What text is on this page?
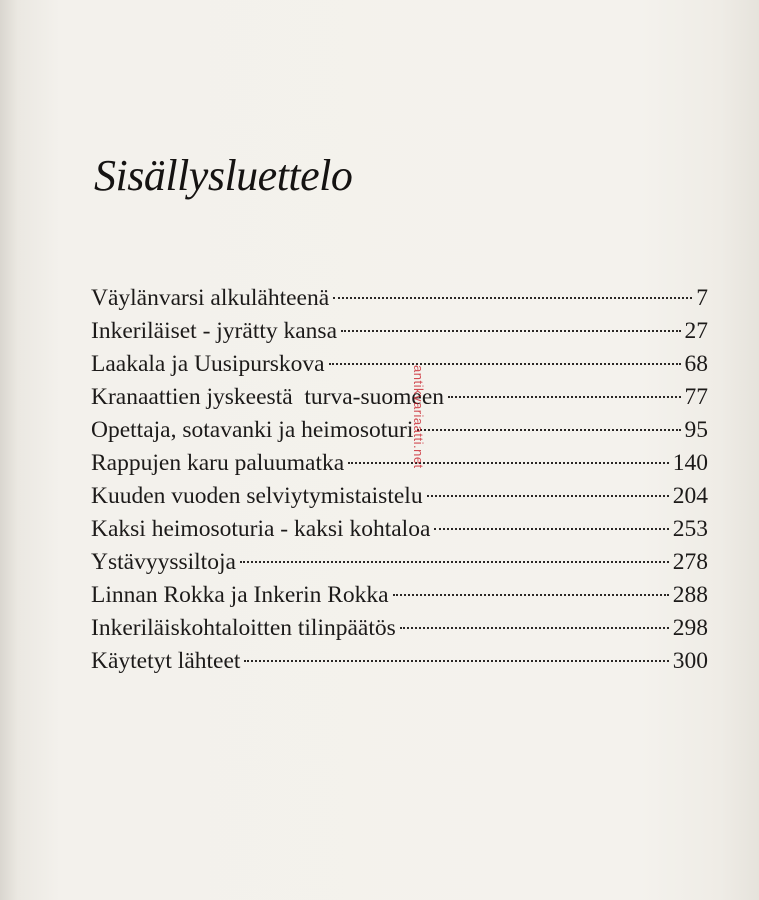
Sisällysluettelo
Väylänvarsi alkulähteenä	7
Inkeriläiset - jyrätty kansa	27
Laakala ja Uusipurskova	68
Kranaattien jyskeestä  turva-suomeen	77
Opettaja, sotavanki ja heimosoturi	95
Rappujen karu paluumatka	140
Kuuden vuoden selviytymistaistelu	204
Kaksi heimosoturia - kaksi kohtaloa	253
Ystävyyssiltoja	278
Linnan Rokka ja Inkerin Rokka	288
Inkeriläiskohtaloitten tilinpäätös	298
Käytetyt lähteet	300
antikvariaatti.net
